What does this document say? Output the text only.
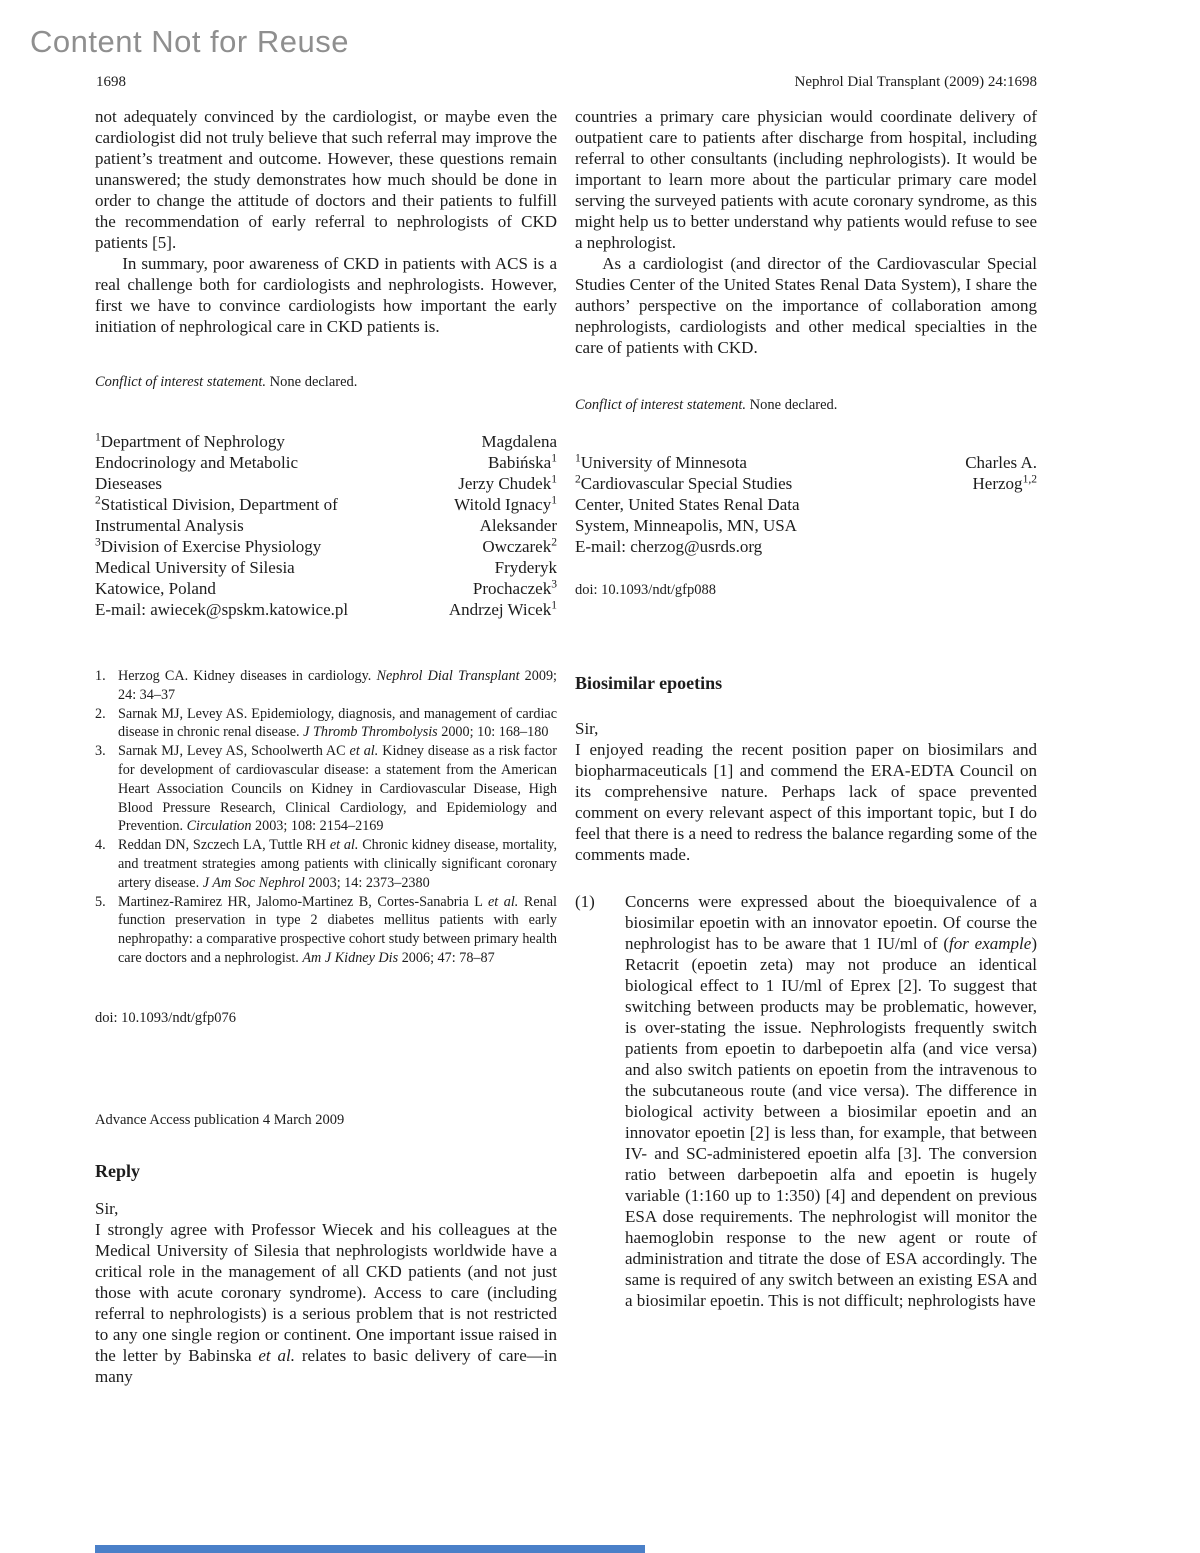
Content Not for Reuse
1698	Nephrol Dial Transplant (2009) 24:1698

not adequately convinced by the cardiologist, or maybe even the cardiologist did not truly believe that such referral may improve the patient’s treatment and outcome. However, these questions remain unanswered; the study demonstrates how much should be done in order to change the attitude of doctors and their patients to fulfill the recommendation of early referral to nephrologists of CKD patients [5].

In summary, poor awareness of CKD in patients with ACS is a real challenge both for cardiologists and nephrologists. However, first we have to convince cardiologists how important the early initiation of nephrological care in CKD patients is.

Conflict of interest statement. None declared.

$^1$Department of Nephrology
Endocrinology and Metabolic
Dieseases
$^2$Statistical Division, Department of
Instrumental Analysis
$^3$Division of Exercise Physiology
Medical University of Silesia
Katowice, Poland
E-mail: awiecek@spskm.katowice.pl
Magdalena
Babińska$^1$
Jerzy Chudek$^1$
Witold Ignacy$^1$
Aleksander
Owczarek$^2$
Fryderyk
Prochaczek$^3$
Andrzej Wicek$^1$

1. Herzog CA. Kidney diseases in cardiology. Nephrol Dial Transplant 2009; 24: 34–37

2. Sarnak MJ, Levey AS. Epidemiology, diagnosis, and management of cardiac disease in chronic renal disease. J Thromb Thrombolysis 2000; 10: 168–180

3. Sarnak MJ, Levey AS, Schoolwerth AC et al. Kidney disease as a risk factor for development of cardiovascular disease: a statement from the American Heart Association Councils on Kidney in Cardiovascular Disease, High Blood Pressure Research, Clinical Cardiology, and Epidemiology and Prevention. Circulation 2003; 108: 2154–2169

4. Reddan DN, Szczech LA, Tuttle RH et al. Chronic kidney disease, mortality, and treatment strategies among patients with clinically significant coronary artery disease. J Am Soc Nephrol 2003; 14: 2373–2380

5. Martinez-Ramirez HR, Jalomo-Martinez B, Cortes-Sanabria L et al. Renal function preservation in type 2 diabetes mellitus patients with early nephropathy: a comparative prospective cohort study between primary health care doctors and a nephrologist. Am J Kidney Dis 2006; 47: 78–87

doi: 10.1093/ndt/gfp076

Advance Access publication 4 March 2009

Reply

Sir,

I strongly agree with Professor Wiecek and his colleagues at the Medical University of Silesia that nephrologists worldwide have a critical role in the management of all CKD patients (and not just those with acute coronary syndrome). Access to care (including referral to nephrologists) is a serious problem that is not restricted to any one single region or continent. One important issue raised in the letter by Babinska et al. relates to basic delivery of care—in many

countries a primary care physician would coordinate delivery of outpatient care to patients after discharge from hospital, including referral to other consultants (including nephrologists). It would be important to learn more about the particular primary care model serving the surveyed patients with acute coronary syndrome, as this might help us to better understand why patients would refuse to see a nephrologist.

As a cardiologist (and director of the Cardiovascular Special Studies Center of the United States Renal Data System), I share the authors’ perspective on the importance of collaboration among nephrologists, cardiologists and other medical specialties in the care of patients with CKD.

Conflict of interest statement. None declared.

$^1$University of Minnesota
$^2$Cardiovascular Special Studies
Center, United States Renal Data
System, Minneapolis, MN, USA
E-mail: cherzog@usrds.org
Charles A.
Herzog$^{1,2}$

doi: 10.1093/ndt/gfp088

Biosimilar epoetins

Sir,

I enjoyed reading the recent position paper on biosimilars and biopharmaceuticals [1] and commend the ERA-EDTA Council on its comprehensive nature. Perhaps lack of space prevented comment on every relevant aspect of this important topic, but I do feel that there is a need to redress the balance regarding some of the comments made.

(1)	Concerns were expressed about the bioequivalence of a biosimilar epoetin with an innovator epoetin. Of course the nephrologist has to be aware that 1 IU/ml of (for example) Retacrit (epoetin zeta) may not produce an identical biological effect to 1 IU/ml of Eprex [2]. To suggest that switching between products may be problematic, however, is over-stating the issue. Nephrologists frequently switch patients from epoetin to darbepoetin alfa (and vice versa) and also switch patients on epoetin from the intravenous to the subcutaneous route (and vice versa). The difference in biological activity between a biosimilar epoetin and an innovator epoetin [2] is less than, for example, that between IV- and SC-administered epoetin alfa [3]. The conversion ratio between darbepoetin alfa and epoetin is hugely variable (1:160 up to 1:350) [4] and dependent on previous ESA dose requirements. The nephrologist will monitor the haemoglobin response to the new agent or route of administration and titrate the dose of ESA accordingly. The same is required of any switch between an existing ESA and a biosimilar epoetin. This is not difficult; nephrologists have
